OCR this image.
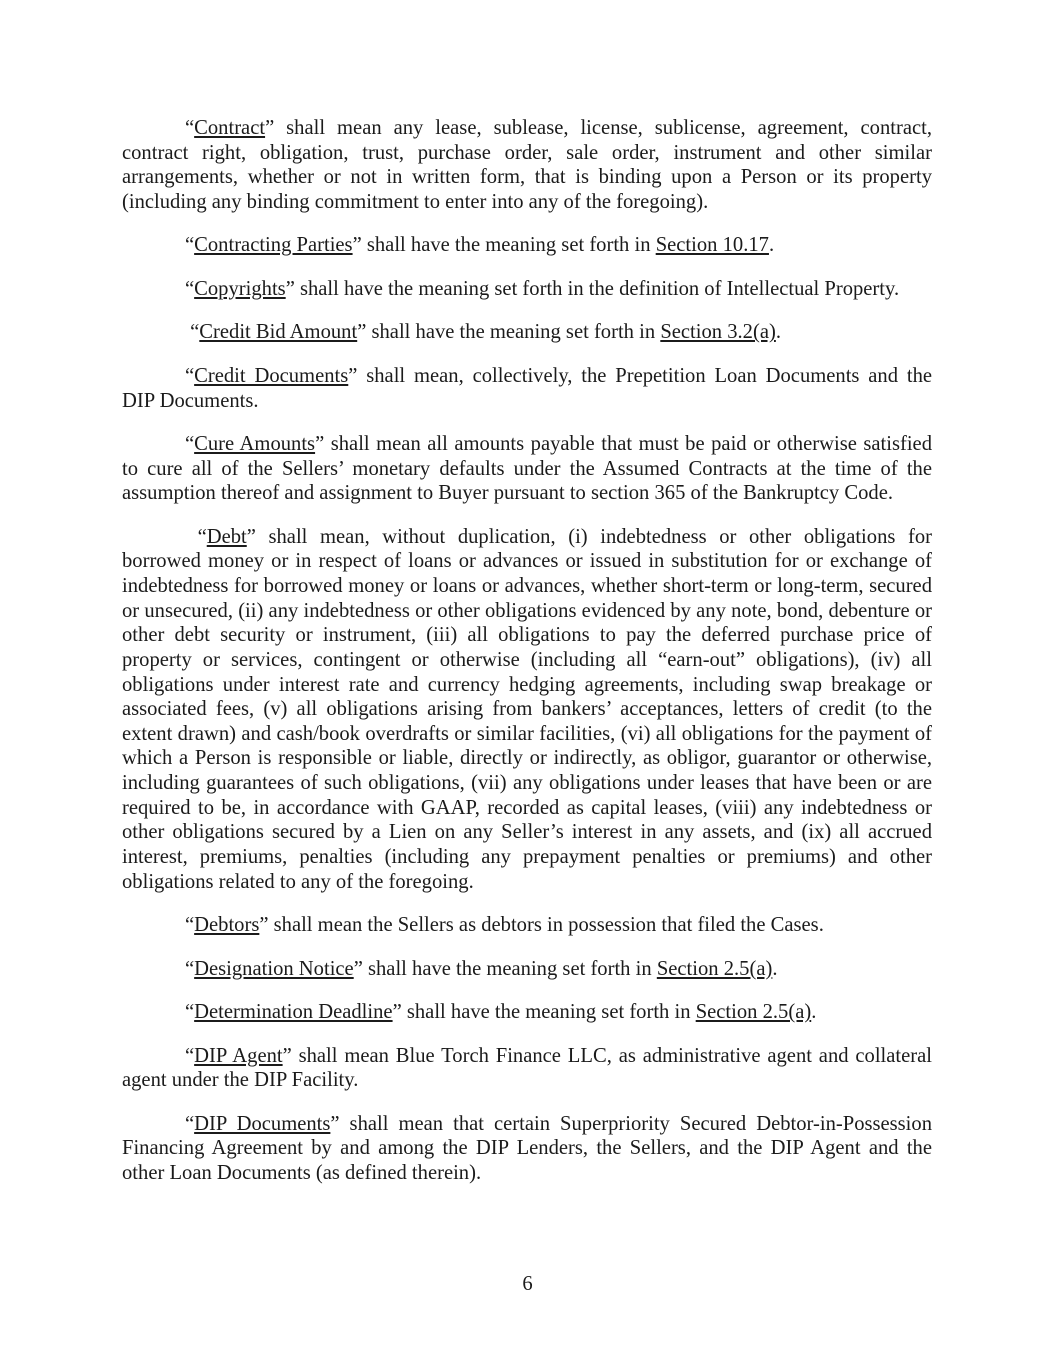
“Contract” shall mean any lease, sublease, license, sublicense, agreement, contract, contract right, obligation, trust, purchase order, sale order, instrument and other similar arrangements, whether or not in written form, that is binding upon a Person or its property (including any binding commitment to enter into any of the foregoing).

“Contracting Parties” shall have the meaning set forth in Section 10.17.

“Copyrights” shall have the meaning set forth in the definition of Intellectual Property.

“Credit Bid Amount” shall have the meaning set forth in Section 3.2(a).

“Credit Documents” shall mean, collectively, the Prepetition Loan Documents and the DIP Documents.

“Cure Amounts” shall mean all amounts payable that must be paid or otherwise satisfied to cure all of the Sellers’ monetary defaults under the Assumed Contracts at the time of the assumption thereof and assignment to Buyer pursuant to section 365 of the Bankruptcy Code.

“Debt” shall mean, without duplication, (i) indebtedness or other obligations for borrowed money or in respect of loans or advances or issued in substitution for or exchange of indebtedness for borrowed money or loans or advances, whether short-term or long-term, secured or unsecured, (ii) any indebtedness or other obligations evidenced by any note, bond, debenture or other debt security or instrument, (iii) all obligations to pay the deferred purchase price of property or services, contingent or otherwise (including all “earn-out” obligations), (iv) all obligations under interest rate and currency hedging agreements, including swap breakage or associated fees, (v) all obligations arising from bankers’ acceptances, letters of credit (to the extent drawn) and cash/book overdrafts or similar facilities, (vi) all obligations for the payment of which a Person is responsible or liable, directly or indirectly, as obligor, guarantor or otherwise, including guarantees of such obligations, (vii) any obligations under leases that have been or are required to be, in accordance with GAAP, recorded as capital leases, (viii) any indebtedness or other obligations secured by a Lien on any Seller’s interest in any assets, and (ix) all accrued interest, premiums, penalties (including any prepayment penalties or premiums) and other obligations related to any of the foregoing.

“Debtors” shall mean the Sellers as debtors in possession that filed the Cases.

“Designation Notice” shall have the meaning set forth in Section 2.5(a).

“Determination Deadline” shall have the meaning set forth in Section 2.5(a).

“DIP Agent” shall mean Blue Torch Finance LLC, as administrative agent and collateral agent under the DIP Facility.

“DIP Documents” shall mean that certain Superpriority Secured Debtor-in-Possession Financing Agreement by and among the DIP Lenders, the Sellers, and the DIP Agent and the other Loan Documents (as defined therein).

6
